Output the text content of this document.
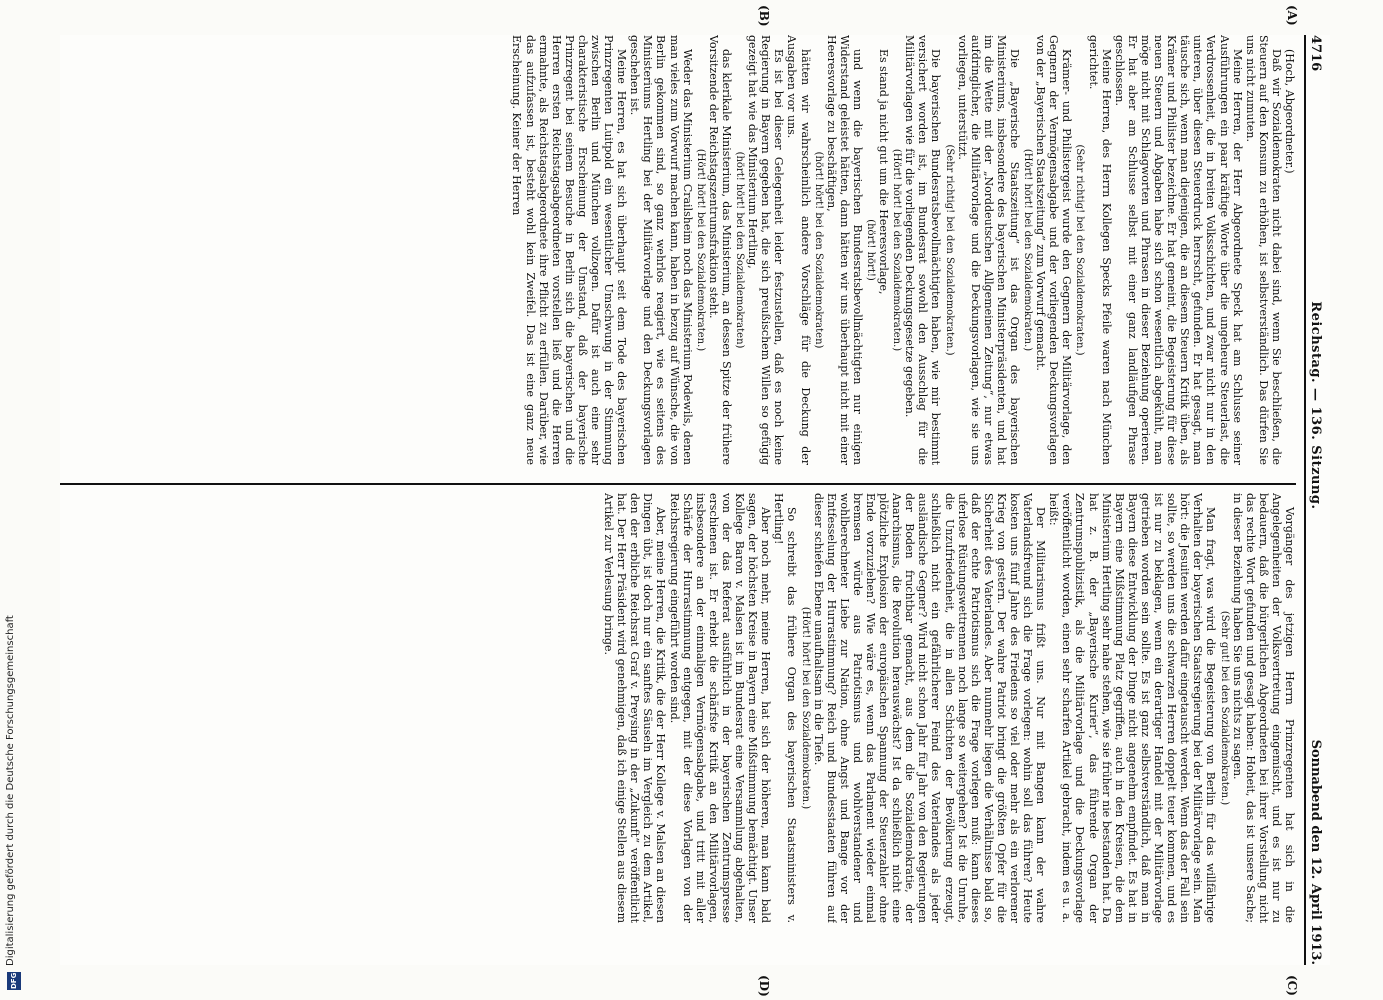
4716
Reichstag. — 136. Sitzung.
Sonnabend den 12. April 1913.
(A)
(B)
(C)
(D)

(Hoch, Abgeordneter.)

Daß wir Sozialdemokraten nicht dabei sind, wenn Sie beschließen, die Steuern auf den Konsum zu erhöhen, ist selbstverständlich. Das dürfen Sie uns nicht zumuten.

Meine Herren, der Herr Abgeordnete Speck hat am Schlusse seiner Ausführungen ein paar kräftige Worte über die ungeheure Steuerlast, die Verdrossenheit, die in breiten Volksschichten, und zwar nicht nur in den unteren, über diesen Steuerdruck herrscht, gefunden. Er hat gesagt, man täusche sich, wenn man diejenigen, die an diesem Steuern Kritik üben, als Krämer und Philister bezeichne. Er hat gemeint, die Begeisterung für diese neuen Steuern und Abgaben habe sich schon wesentlich abgekühlt, man möge nicht mit Schlagworten und Phrasen in dieser Beziehung operieren. Er hat aber am Schlusse selbst mit einer ganz landläufigen Phrase geschlossen.

Meine Herren, des Herrn Kollegen Specks Pfeile waren nach München gerichtet.

(Sehr richtig! bei den Sozialdemokraten.)

Krämer- und Philistergeist wurde den Gegnern der Militärvorlage, den Gegnern der Vermögensabgabe und der vorliegenden Deckungsvorlagen von der „Bayerischen Staatszeitung“ zum Vorwurf gemacht.

(Hört! hört! bei den Sozialdemokraten.)

Die „Bayerische Staatszeitung“ ist das Organ des bayerischen Ministeriums, insbesondere des bayerischen Ministerpräsidenten, und hat im die Wette mit der „Norddeutschen Allgemeinen Zeitung“, nur etwas aufdringlicher, die Militärvorlage und die Deckungsvorlagen, wie sie uns vorliegen, unterstützt.

(Sehr richtig! bei den Sozialdemokraten.)

Die bayerischen Bundesratsbevollmächtigten haben, wie mir bestimmt versichert worden ist, im Bundesrat sowohl den Ausschlag für die Militärvorlagen wie für die vorliegenden Deckungsgesetze gegeben.

(Hört! hört! bei den Sozialdemokraten.)

Es stand ja nicht gut um die Heeresvorlage,

(hört! hört!)

und wenn die bayerischen Bundesratsbevollmächtigten nur einigen Widerstand geleistet hätten, dann hätten wir uns überhaupt nicht mit einer Heeresvorlage zu beschäftigen,

(hört! hört! bei den Sozialdemokraten)

hätten wir wahrscheinlich andere Vorschläge für die Deckung der Ausgaben vor uns.

Es ist bei dieser Gelegenheit leider festzustellen, daß es noch keine Regierung in Bayern gegeben hat, die sich preußischem Willen so gefügig gezeigt hat wie das Ministerium Hertling,

(hört! hört! bei den Sozialdemokraten)

das klerikale Ministerium, das Ministerium, an dessen Spitze der frühere Vorsitzende der Reichstagszentrumsfraktion steht.

(Hört! hört! bei den Sozialdemokraten.)

Weder das Ministerium Crailsheim noch das Ministerium Podewils, denen man vieles zum Vorwurf machen kann, haben in bezug auf Wünsche, die von Berlin gekommen sind, so ganz wehrlos reagiert, wie es seitens des Ministeriums Hertling bei der Militärvorlage und den Deckungsvorlagen geschehen ist.

Meine Herren, es hat sich überhaupt seit dem Tode des bayerischen Prinzregenten Luitpold ein wesentlicher Umschwung in der Stimmung zwischen Berlin und München vollzogen. Dafür ist auch eine sehr charakteristische Erscheinung der Umstand, daß der bayerische Prinzregent bei seinem Besuche in Berlin sich die bayerischen und die Herren ersten Reichstagsabgeordneten vorstellen ließ und die Herren ermahnte, als Reichstagsabgeordnete ihre Pflicht zu erfüllen. Darüber, wie das aufzufassen ist, besteht wohl kein Zweifel. Das ist eine ganz neue Erscheinung. Keiner der Herren

Vorgänger des jetzigen Herrn Prinzregenten hat sich in die Angelegenheiten der Volksvertretung eingemischt, und es ist nur zu bedauern, daß die bürgerlichen Abgeordneten bei ihrer Vorstellung nicht das rechte Wort gefunden und gesagt haben: Hoheit, das ist unsere Sache; in dieser Beziehung haben Sie uns nichts zu sagen.

(Sehr gut! bei den Sozialdemokraten.)

Man fragt, was wird die Begeisterung von Berlin für das willfährige Verhalten der bayerischen Staatsregierung bei der Militärvorlage sein. Man hört: die Jesuiten werden dafür eingetauscht werden. Wenn das der Fall sein sollte, so werden uns die schwarzen Herren doppelt teuer kommen, und es ist nur zu beklagen, wenn ein derartiger Handel mit der Militärvorlage getrieben worden sein sollte. Es ist ganz selbstverständlich, daß man in Bayern diese Entwicklung der Dinge nicht angenehm empfindet. Es hat in Bayern eine Mißstimmung Platz gegriffen, auch in den Kreisen, die dem Ministerium Hertling sehr nahe stehen, wie sie früher nie bestanden hat. Da hat z. B. der „Bayerische Kurier“, das führende Organ der Zentrumspublizistik, als die Militärvorlage und die Deckungsvorlage veröffentlicht worden, einen sehr scharfen Artikel gebracht, indem es u. a. heißt:

Der Militarismus frißt uns. Nur mit Bangen kann der wahre Vaterlandsfreund sich die Frage vorlegen: wohin soll das führen? Heute kosten uns fünf Jahre des Friedens so viel oder mehr als ein verlorener Krieg von gestern. Der wahre Patriot bringt die größten Opfer für die Sicherheit des Vaterlandes. Aber nunmehr liegen die Verhältnisse bald so, daß der echte Patriotismus sich die Frage vorlegen muß: kann dieses uferlose Rüstungswettrennen noch lange so weitergehen? Ist die Unruhe, die Unzufriedenheit, die in allen Schichten der Bevölkerung erzeugt, schließlich nicht ein gefährlicherer Feind des Vaterlandes als jeder ausländische Gegner? Wird nicht schon Jahr für Jahr von den Regierungen der Boden fruchtbar gemacht, aus dem die Sozialdemokratie, der Anarchismus, die Revolution herauswächst? Ist da schließlich nicht eine plötzliche Explosion der europäischen Spannung der Steuerzahler ohne Ende vorzuziehen? Wie wäre es, wenn das Parlament wieder einmal bremsen würde aus Patriotismus und wohlverstandener und wohlberechneter Liebe zur Nation, ohne Angst und Bange vor der Entfesselung der Hurrastimmung? Reich und Bundesstaaten führen auf dieser schiefen Ebene unaufhaltsam in die Tiefe.

(Hört! hört! bei den Sozialdemokraten.)

So schreibt das frühere Organ des bayerischen Staatsministers v. Hertling!

Aber noch mehr, meine Herren, hat sich der höheren, man kann bald sagen, der höchsten Kreise in Bayern eine Mißstimmung bemächtigt. Unser Kollege Baron v. Malsen ist im Bundesrat eine Versammlung abgehalten, von der das Referat ausführlich in der bayerischen Zentrumspresse erschienen ist. Er erhebt die schärfste Kritik an den Militärvorlagen, insbesondere an der einmaligen Vermögensabgabe, und tritt mit aller Schärfe der Hurrastimmung entgegen, mit der diese Vorlagen von der Reichsregierung eingeführt worden sind.

Aber, meine Herren, die Kritik, die der Herr Kollege v. Malsen an diesen Dingen übt, ist doch nur ein sanftes Säuseln im Vergleich zu dem Artikel, den der erbliche Reichsrat Graf v. Preysing in der „Zukunft“ veröffentlicht hat. Der Herr Präsident wird genehmigen, daß ich einige Stellen aus diesem Artikel zur Verlesung bringe.

DFG
Digitalisierung gefördert durch die Deutsche Forschungsgemeinschaft
